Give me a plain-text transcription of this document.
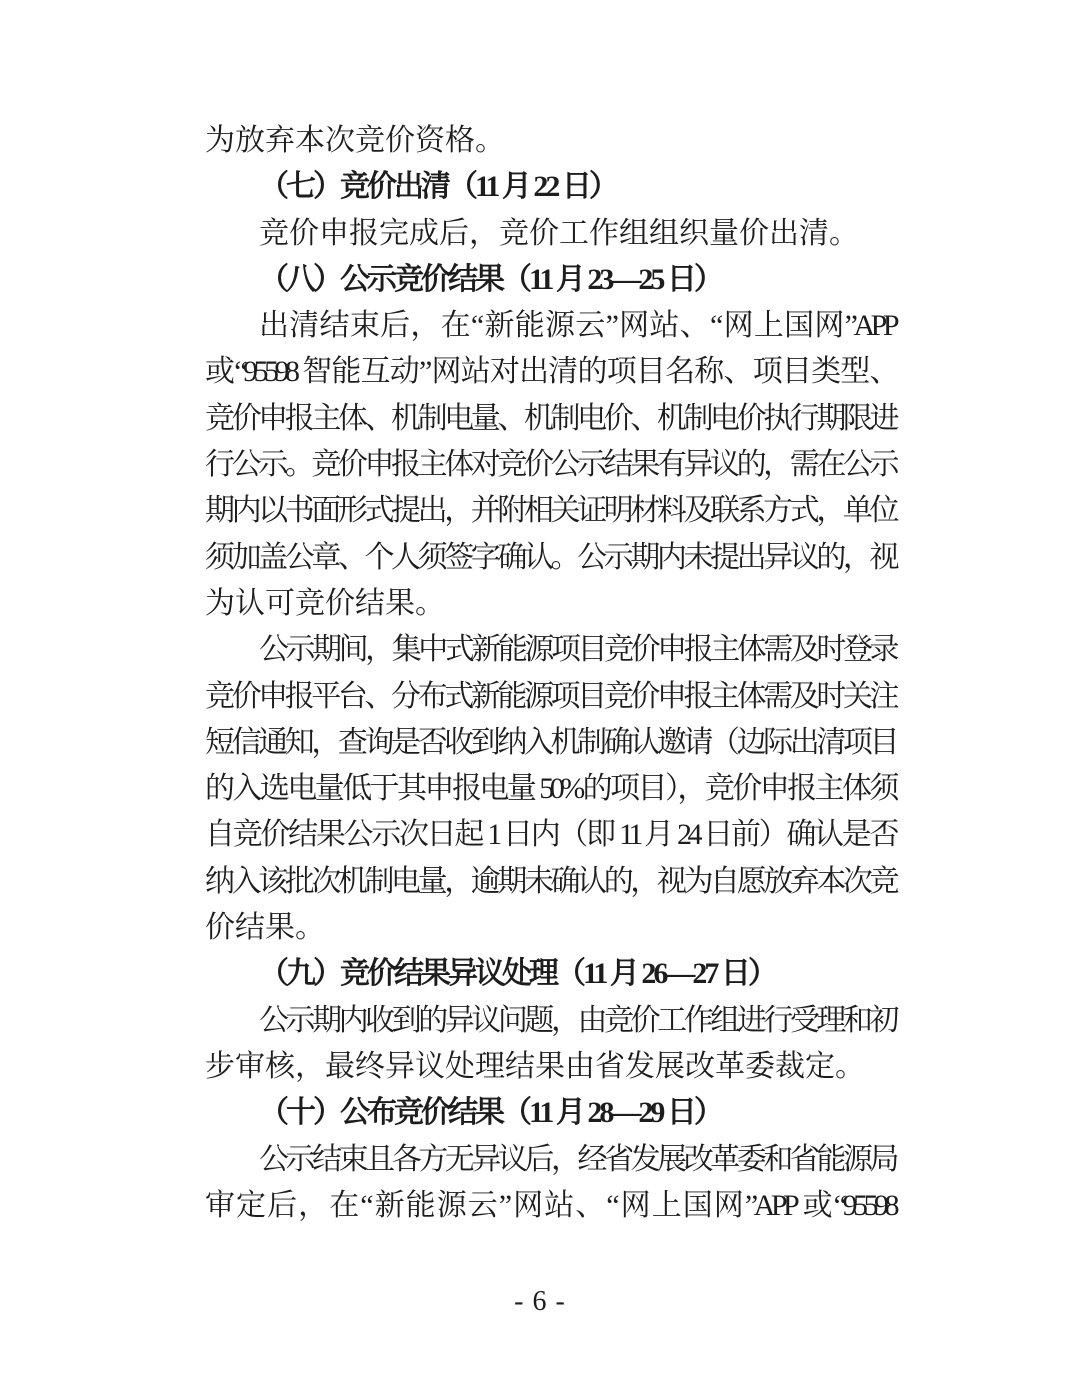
为放弃本次竞价资格。
（七）竞价出清（11 月 22 日）
竞价申报完成后，竞价工作组组织量价出清。
（八）公示竞价结果（11 月 23—25 日）
出清结束后，在“新能源云”网站、“网上国网”APP
或“95598 智能互动”网站对出清的项目名称、项目类型、
竞价申报主体、机制电量、机制电价、机制电价执行期限进
行公示。竞价申报主体对竞价公示结果有异议的，需在公示
期内以书面形式提出，并附相关证明材料及联系方式，单位
须加盖公章、个人须签字确认。公示期内未提出异议的，视
为认可竞价结果。
公示期间，集中式新能源项目竞价申报主体需及时登录
竞价申报平台、分布式新能源项目竞价申报主体需及时关注
短信通知，查询是否收到纳入机制确认邀请（边际出清项目
的入选电量低于其申报电量 50%的项目），竞价申报主体须
自竞价结果公示次日起 1 日内（即 11 月 24 日前）确认是否
纳入该批次机制电量，逾期未确认的，视为自愿放弃本次竞
价结果。
（九）竞价结果异议处理（11 月 26—27 日）
公示期内收到的异议问题，由竞价工作组进行受理和初
步审核，最终异议处理结果由省发展改革委裁定。
（十）公布竞价结果（11 月 28—29 日）
公示结束且各方无异议后，经省发展改革委和省能源局
审定后，在“新能源云”网站、“网上国网”APP 或“95598
- 6 -
